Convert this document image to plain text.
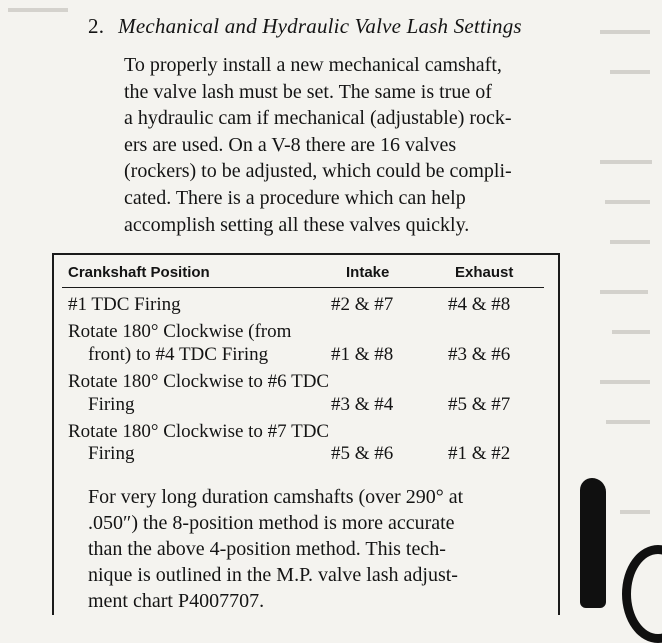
2. Mechanical and Hydraulic Valve Lash Settings
To properly install a new mechanical camshaft,
the valve lash must be set. The same is true of
a hydraulic cam if mechanical (adjustable) rock-
ers are used. On a V-8 there are 16 valves
(rockers) to be adjusted, which could be compli-
cated. There is a procedure which can help
accomplish setting all these valves quickly.
Crankshaft Position	Intake	Exhaust
#1 TDC Firing	#2 & #7	#4 & #8
Rotate 180° Clockwise (from
front) to #4 TDC Firing	#1 & #8	#3 & #6
Rotate 180° Clockwise to #6 TDC
Firing	#3 & #4	#5 & #7
Rotate 180° Clockwise to #7 TDC
Firing	#5 & #6	#1 & #2
For very long duration camshafts (over 290° at
.050″) the 8-position method is more accurate
than the above 4-position method. This tech-
nique is outlined in the M.P. valve lash adjust-
ment chart P4007707.
